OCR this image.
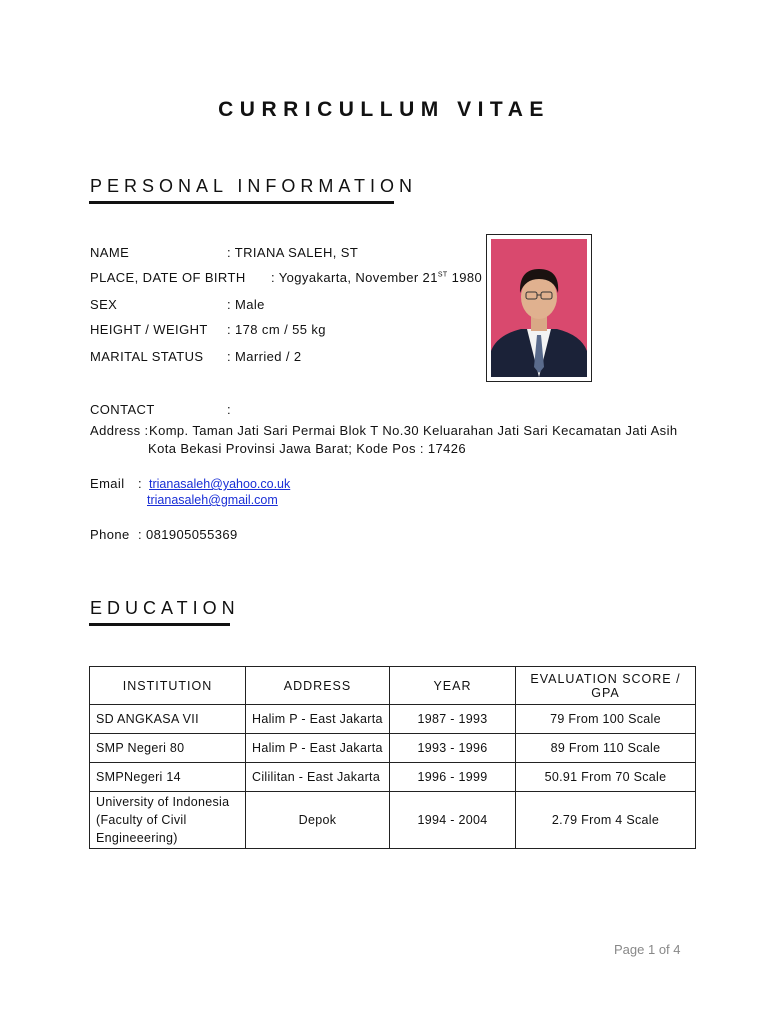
CURRICULLUM VITAE
PERSONAL INFORMATION
NAME	: TRIANA SALEH, ST
PLACE, DATE OF BIRTH : Yogyakarta, November 21ST 1980
SEX	: Male
HEIGHT / WEIGHT : 178 cm / 55 kg
MARITAL STATUS : Married / 2
CONTACT	:
Address : Komp. Taman Jati Sari Permai Blok T No.30 Keluarahan Jati Sari Kecamatan Jati Asih
Kota Bekasi Provinsi Jawa Barat; Kode Pos : 17426
Email : trianasaleh@yahoo.co.uk
trianasaleh@gmail.com
Phone : 081905055369
EDUCATION
INSTITUTION	ADDRESS	YEAR	EVALUATION SCORE / GPA
SD ANGKASA VII	Halim P - East Jakarta	1987 - 1993	79 From 100 Scale
SMP Negeri 80	Halim P - East Jakarta	1993 - 1996	89 From 110 Scale
SMPNegeri 14	Cililitan - East Jakarta	1996 - 1999	50.91 From 70 Scale
University of Indonesia (Faculty of Civil Engineeering)	Depok	1994 - 2004	2.79 From 4 Scale
Page 1 of 4
